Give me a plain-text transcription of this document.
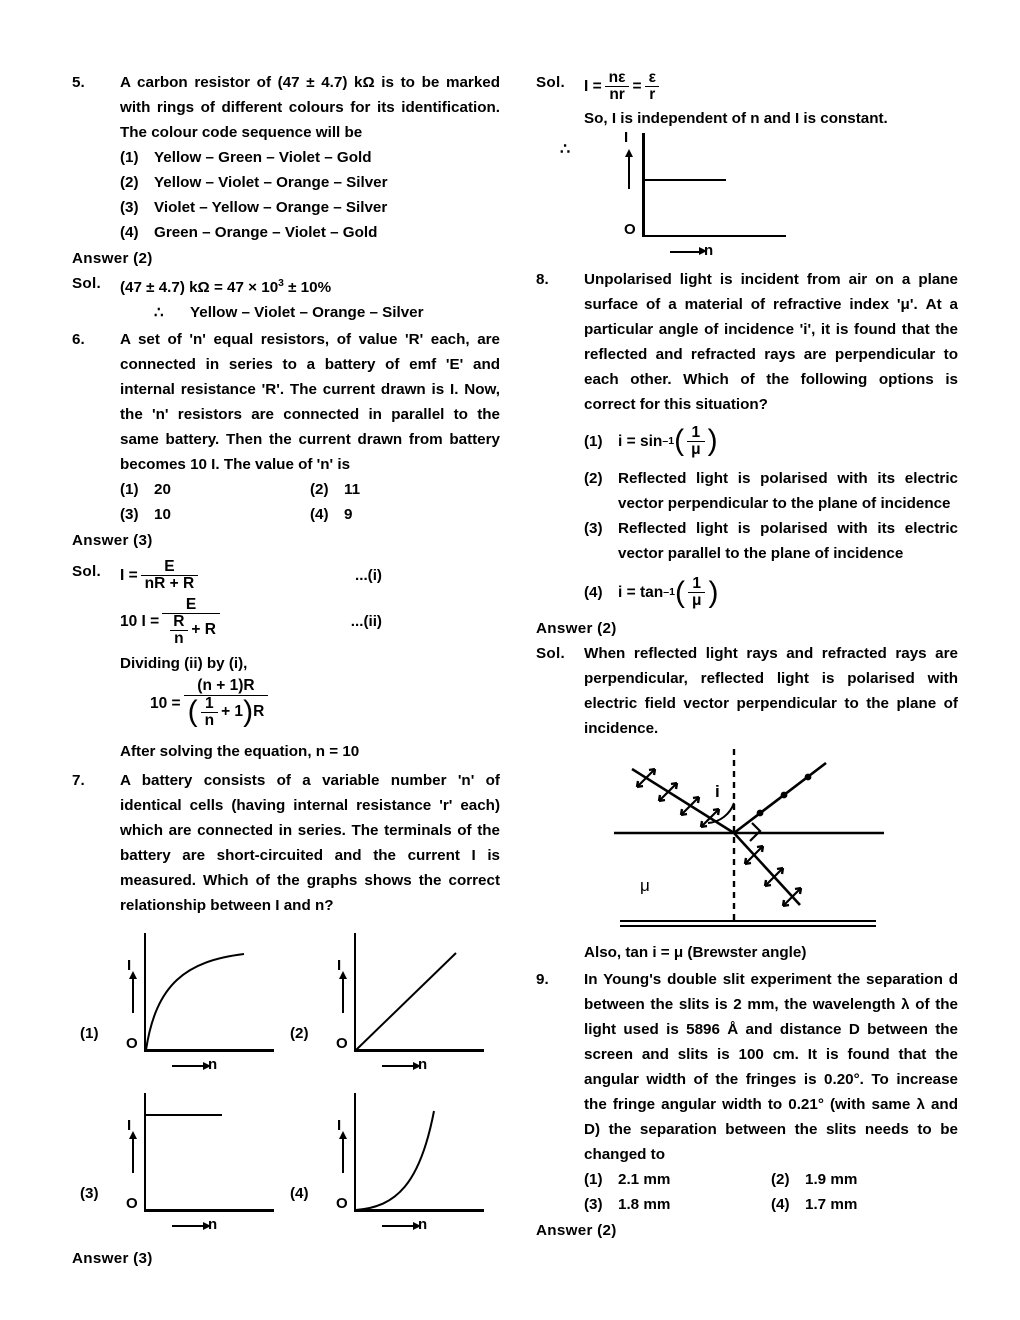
5.	A carbon resistor of (47 ± 4.7) kΩ is to be marked with rings of different colours for its identification. The colour code sequence will be
(1)	Yellow – Green – Violet – Gold
(2)	Yellow – Violet – Orange – Silver
(3)	Violet – Yellow – Orange – Silver
(4)	Green – Orange – Violet – Gold
Answer (2)
Sol.	(47 ± 4.7) $k\Omega = 47 \times 10^3 \pm 10\%$
∴	Yellow – Violet – Orange – Silver
6.	A set of 'n' equal resistors, of value 'R' each, are connected in series to a battery of emf 'E' and internal resistance 'R'. The current drawn is I. Now, the 'n' resistors are connected in parallel to the same battery. Then the current drawn from battery becomes 10 I. The value of 'n' is
(1)	20	(2)	11
(3)	10	(4)	9
Answer (3)
Sol.	$I = \frac{E}{nR + R}$	...(i)
10 $I = \frac{E}{\frac{R}{n} + R}$	...(ii)
Dividing (ii) by (i),
10 =
(n + 1)R
( $\frac{1}{n} + 1$ ) R
After solving the equation, n = 10
7.	A battery consists of a variable number 'n' of identical cells (having internal resistance 'r' each) which are connected in series. The terminals of the battery are short-circuited and the current I is measured. Which of the graphs shows the correct relationship between I and n?
(1)
O
I
n
(2)
O
I
n
(3)
O
I
n
(4)
O
I
n
Answer (3)
Sol.	$I = \frac{n\varepsilon}{nr} = \frac{\varepsilon}{r}$
So, I is independent of n and I is constant.
∴
I
O
n
8.	Unpolarised light is incident from air on a plane surface of a material of refractive index 'μ'. At a particular angle of incidence 'i', it is found that the reflected and refracted rays are perpendicular to each other. Which of the following options is correct for this situation?
(1) i =
sin –1 ( $\frac{1}{\mu}$ )
(2)	Reflected light is polarised with its electric vector perpendicular to the plane of incidence
(3)	Reflected light is polarised with its electric vector parallel to the plane of incidence
(4) i =
tan –1 ( $\frac{1}{\mu}$ )
Answer (2)
Sol.	When reflected light rays and refracted rays are perpendicular, reflected light is polarised with electric field vector perpendicular to the plane of incidence.
i
μ
Also, tan i = μ (Brewster angle)
9.	In Young's double slit experiment the separation d between the slits is 2 mm, the wavelength λ of the light used is 5896 Å and distance D between the screen and slits is 100 cm. It is found that the angular width of the fringes is 0.20°. To increase the fringe angular width to 0.21° (with same λ and D) the separation between the slits needs to be changed to
(1)	2.1 mm	(2)	1.9 mm
(3)	1.8 mm	(4)	1.7 mm
Answer (2)
